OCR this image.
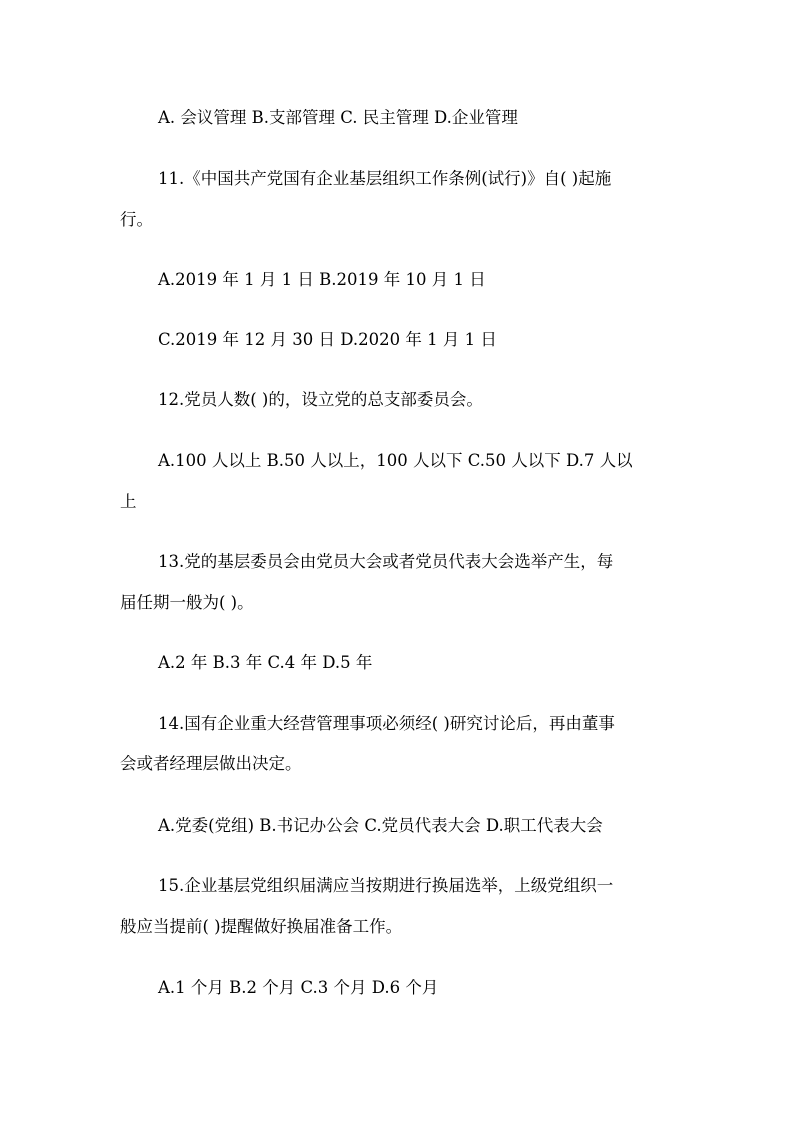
A. 会议管理 B.支部管理 C. 民主管理 D.企业管理
11.《中国共产党国有企业基层组织工作条例(试行)》自( )起施
行。
A.2019 年 1 月 1 日 B.2019 年 10 月 1 日
C.2019 年 12 月 30 日 D.2020 年 1 月 1 日
12.党员人数( )的，设立党的总支部委员会。
A.100 人以上 B.50 人以上，100 人以下 C.50 人以下 D.7 人以
上
13.党的基层委员会由党员大会或者党员代表大会选举产生，每
届任期一般为( )。
A.2 年 B.3 年 C.4 年 D.5 年
14.国有企业重大经营管理事项必须经( )研究讨论后，再由董事
会或者经理层做出决定。
A.党委(党组) B.书记办公会 C.党员代表大会 D.职工代表大会
15.企业基层党组织届满应当按期进行换届选举，上级党组织一
般应当提前( )提醒做好换届准备工作。
A.1 个月 B.2 个月 C.3 个月 D.6 个月
